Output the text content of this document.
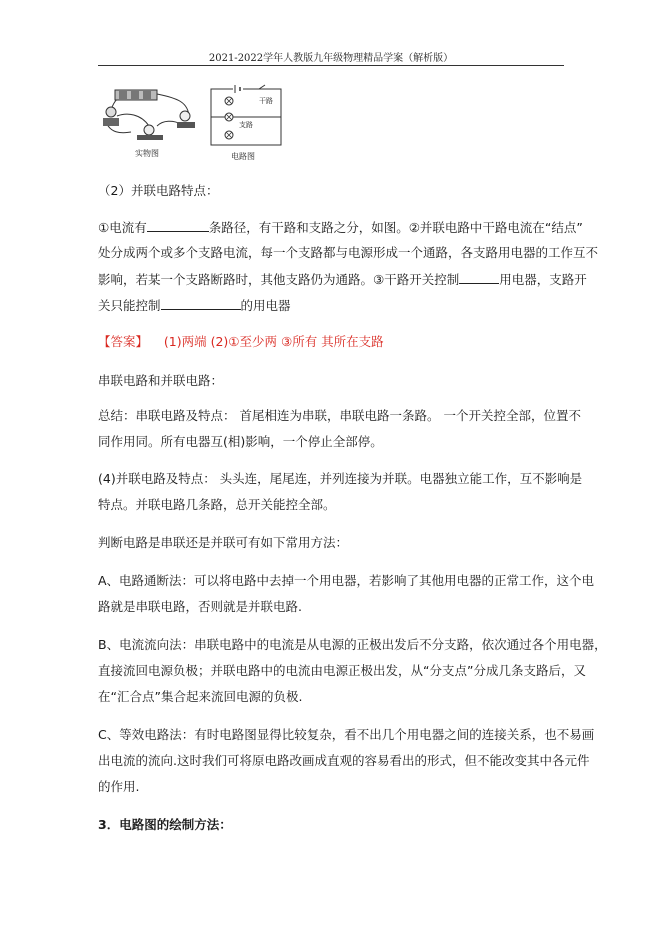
2021-2022学年人教版九年级物理精品学案（解析版）
实物图
干路
支路
电路图
（2）并联电路特点：
①电流有	条路径，有干路和支路之分，如图。②并联电路中干路电流在“结点”
处分成两个或多个支路电流，每一个支路都与电源形成一个通路，各支路用电器的工作互不
影响，若某一个支路断路时，其他支路仍为通路。③干路开关控制	用电器，支路开
关只能控制	的用电器
【答案】 (1)两端 (2)①至少两 ③所有 其所在支路
串联电路和并联电路：
总结：串联电路及特点： 首尾相连为串联，串联电路一条路。 一个开关控全部，位置不
同作用同。所有电器互(相)影响，一个停止全部停。
(4)并联电路及特点： 头头连，尾尾连，并列连接为并联。电器独立能工作，互不影响是
特点。并联电路几条路，总开关能控全部。
判断电路是串联还是并联可有如下常用方法：
A、电路通断法：可以将电路中去掉一个用电器，若影响了其他用电器的正常工作，这个电
路就是串联电路，否则就是并联电路.
B、电流流向法：串联电路中的电流是从电源的正极出发后不分支路，依次通过各个用电器，
直接流回电源负极；并联电路中的电流由电源正极出发，从“分支点”分成几条支路后，又
在“汇合点”集合起来流回电源的负极.
C、等效电路法：有时电路图显得比较复杂，看不出几个用电器之间的连接关系，也不易画
出电流的流向.这时我们可将原电路改画成直观的容易看出的形式，但不能改变其中各元件
的作用.
3．电路图的绘制方法：
